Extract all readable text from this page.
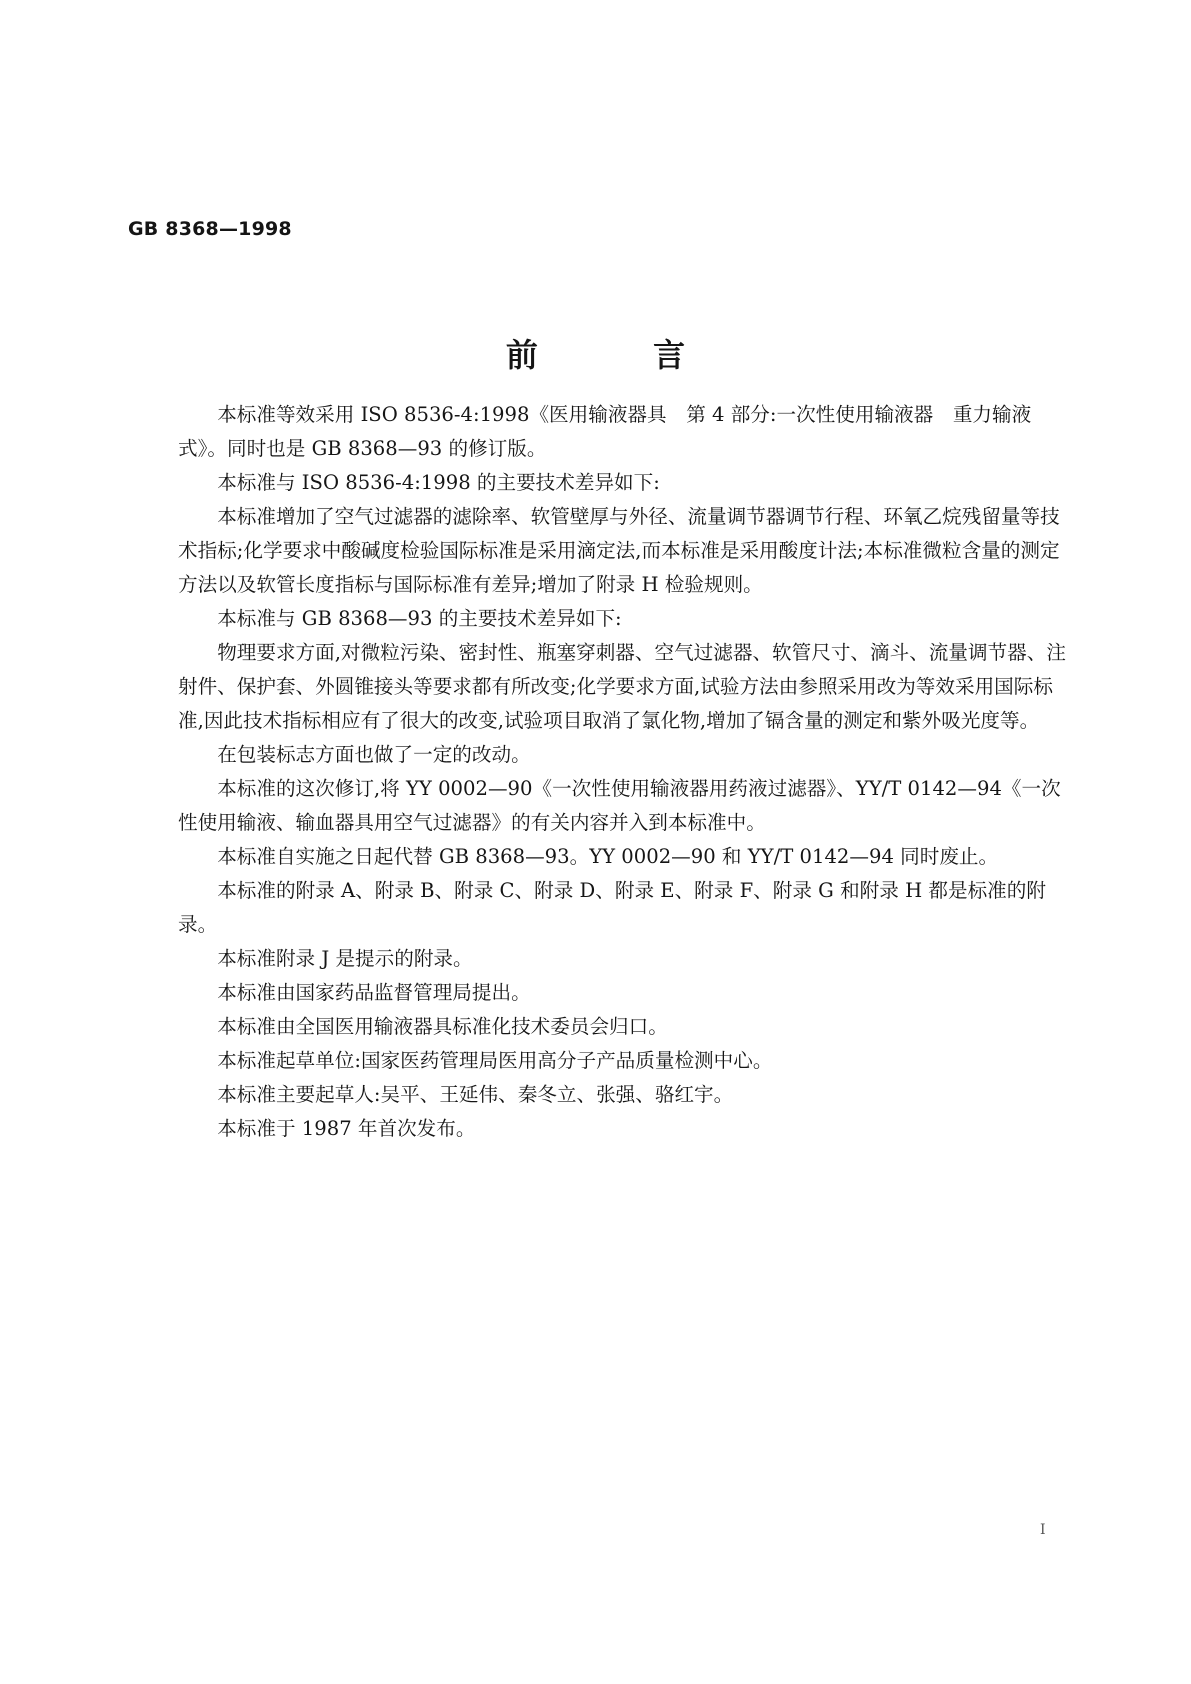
GB 8368—1998
前　言

本标准等效采用 ISO 8536-4:1998《医用输液器具　第 4 部分:一次性使用输液器　重力输液式》。同时也是 GB 8368—93 的修订版。

本标准与 ISO 8536-4:1998 的主要技术差异如下:

本标准增加了空气过滤器的滤除率、软管壁厚与外径、流量调节器调节行程、环氧乙烷残留量等技术指标;化学要求中酸碱度检验国际标准是采用滴定法,而本标准是采用酸度计法;本标准微粒含量的测定方法以及软管长度指标与国际标准有差异;增加了附录 H 检验规则。

本标准与 GB 8368—93 的主要技术差异如下:

物理要求方面,对微粒污染、密封性、瓶塞穿刺器、空气过滤器、软管尺寸、滴斗、流量调节器、注射件、保护套、外圆锥接头等要求都有所改变;化学要求方面,试验方法由参照采用改为等效采用国际标准,因此技术指标相应有了很大的改变,试验项目取消了氯化物,增加了镉含量的测定和紫外吸光度等。

在包装标志方面也做了一定的改动。

本标准的这次修订,将 YY 0002—90《一次性使用输液器用药液过滤器》、YY/T 0142—94《一次性使用输液、输血器具用空气过滤器》的有关内容并入到本标准中。

本标准自实施之日起代替 GB 8368—93。YY 0002—90 和 YY/T 0142—94 同时废止。

本标准的附录 A、附录 B、附录 C、附录 D、附录 E、附录 F、附录 G 和附录 H 都是标准的附录。

本标准附录 J 是提示的附录。

本标准由国家药品监督管理局提出。

本标准由全国医用输液器具标准化技术委员会归口。

本标准起草单位:国家医药管理局医用高分子产品质量检测中心。

本标准主要起草人:吴平、王延伟、秦冬立、张强、骆红宇。

本标准于 1987 年首次发布。

I
